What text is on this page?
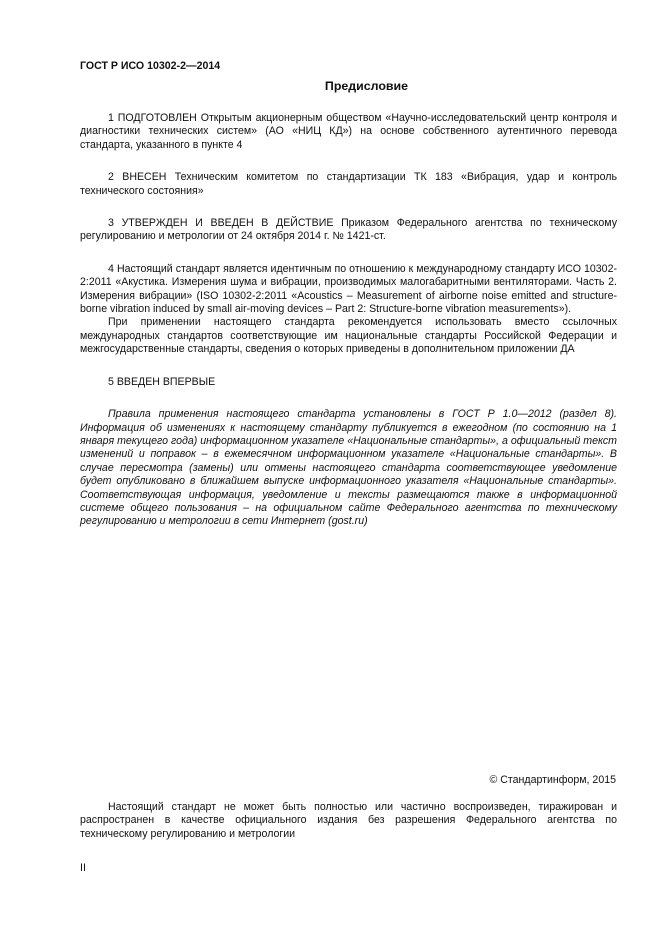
ГОСТ Р ИСО 10302-2—2014

Предисловие

1 ПОДГОТОВЛЕН Открытым акционерным обществом «Научно-исследовательский центр контроля и диагностики технических систем» (АО «НИЦ КД») на основе собственного аутентичного перевода стандарта, указанного в пункте 4

2 ВНЕСЕН Техническим комитетом по стандартизации ТК 183 «Вибрация, удар и контроль технического состояния»

3 УТВЕРЖДЕН И ВВЕДЕН В ДЕЙСТВИЕ Приказом Федерального агентства по техническому регулированию и метрологии от 24 октября 2014 г. № 1421-ст.

4 Настоящий стандарт является идентичным по отношению к международному стандарту ИСО 10302-2:2011 «Акустика. Измерения шума и вибрации, производимых малогабаритными вентиляторами. Часть 2. Измерения вибрации» (ISO 10302-2:2011 «Acoustics – Measurement of airborne noise emitted and structure-borne vibration induced by small air-moving devices – Part 2: Structure-borne vibration measurements»).

При применении настоящего стандарта рекомендуется использовать вместо ссылочных международных стандартов соответствующие им национальные стандарты Российской Федерации и межгосударственные стандарты, сведения о которых приведены в дополнительном приложении ДА

5 ВВЕДЕН ВПЕРВЫЕ

Правила применения настоящего стандарта установлены в ГОСТ Р 1.0—2012 (раздел 8). Информация об изменениях к настоящему стандарту публикуется в ежегодном (по состоянию на 1 января текущего года) информационном указателе «Национальные стандарты», а официальный текст изменений и поправок – в ежемесячном информационном указателе «Национальные стандарты». В случае пересмотра (замены) или отмены настоящего стандарта соответствующее уведомление будет опубликовано в ближайшем выпуске информационного указателя «Национальные стандарты». Соответствующая информация, уведомление и тексты размещаются также в информационной системе общего пользования – на официальном сайте Федерального агентства по техническому регулированию и метрологии в сети Интернет (gost.ru)

© Стандартинформ, 2015

Настоящий стандарт не может быть полностью или частично воспроизведен, тиражирован и распространен в качестве официального издания без разрешения Федерального агентства по техническому регулированию и метрологии

II
